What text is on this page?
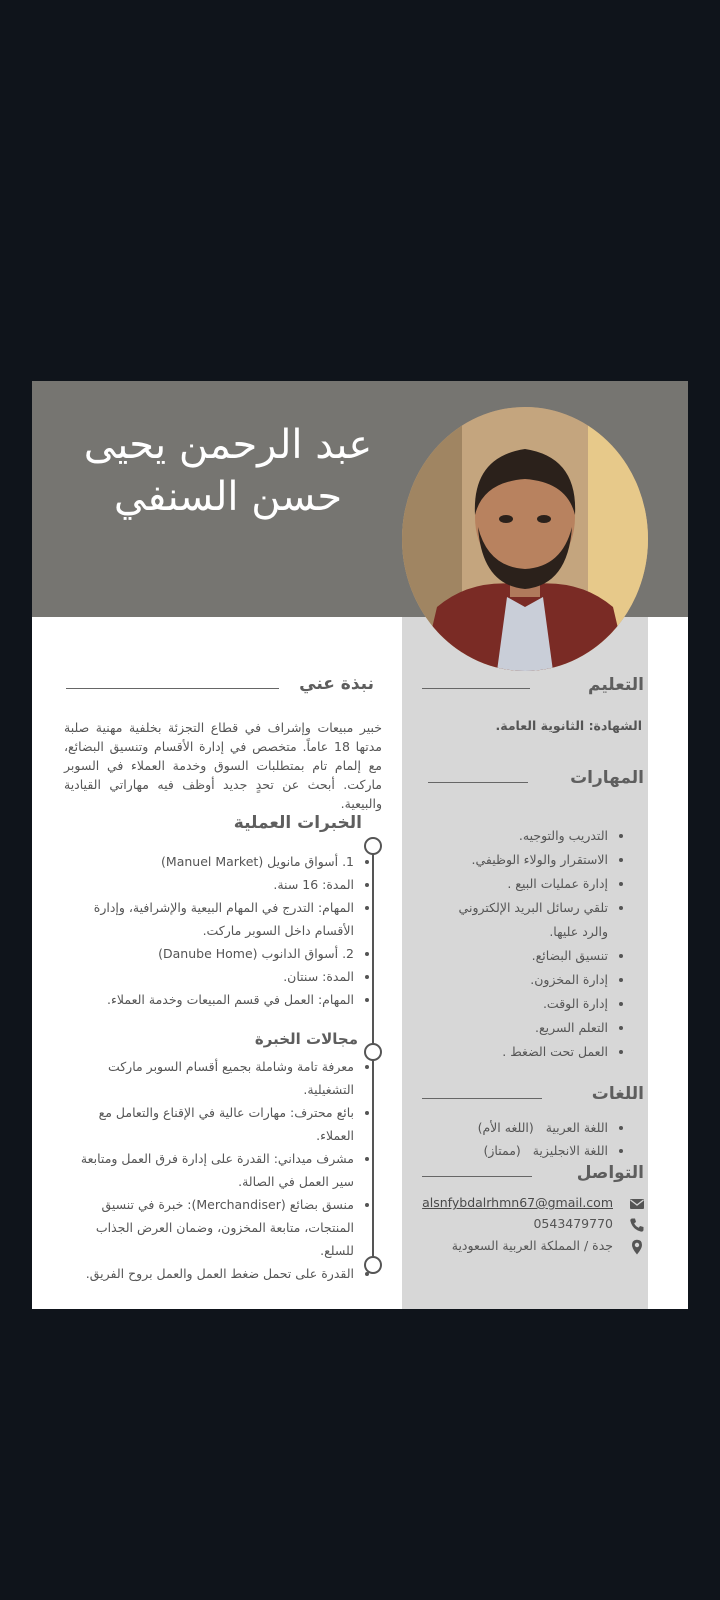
عبد الرحمن يحيى حسن السنفي
نبذة عني
خبير مبيعات وإشراف في قطاع التجزئة بخلفية مهنية صلبة مدتها 18 عاماً. متخصص في إدارة الأقسام وتنسيق البضائع، مع إلمام تام بمتطلبات السوق وخدمة العملاء في السوبر ماركت. أبحث عن تحدٍ جديد أوظف فيه مهاراتي القيادية والبيعية.
الخبرات العملية
• 1. أسواق مانويل (Manuel Market)
• المدة: 16 سنة.
• المهام: التدرج في المهام البيعية والإشرافية، وإدارة الأقسام داخل السوبر ماركت.
• 2. أسواق الدانوب (Danube Home)
• المدة: سنتان.
• المهام: العمل في قسم المبيعات وخدمة العملاء.
مجالات الخبرة
• معرفة تامة وشاملة بجميع أقسام السوبر ماركت التشغيلية.
• بائع محترف: مهارات عالية في الإقناع والتعامل مع العملاء.
• مشرف ميداني: القدرة على إدارة فرق العمل ومتابعة سير العمل في الصالة.
• منسق بضائع (Merchandiser): خبرة في تنسيق المنتجات، متابعة المخزون، وضمان العرض الجذاب للسلع.
• القدرة على تحمل ضغط العمل والعمل بروح الفريق.
التعليم
الشهادة: الثانوية العامة.
المهارات
• التدريب والتوجيه.
• الاستقرار والولاء الوظيفي.
• إدارة عمليات البيع .
• تلقي رسائل البريد الإلكتروني والرد عليها.
• تنسيق البضائع.
• إدارة المخزون.
• إدارة الوقت.
• التعلم السريع.
• العمل تحت الضغط .
اللغات
• اللغة العربية   (اللغه الأم)
• اللغة الانجليزية   (ممتاز)
التواصل
alsnfybdalrhmn67@gmail.com
0543479770
جدة / المملكة العربية السعودية
